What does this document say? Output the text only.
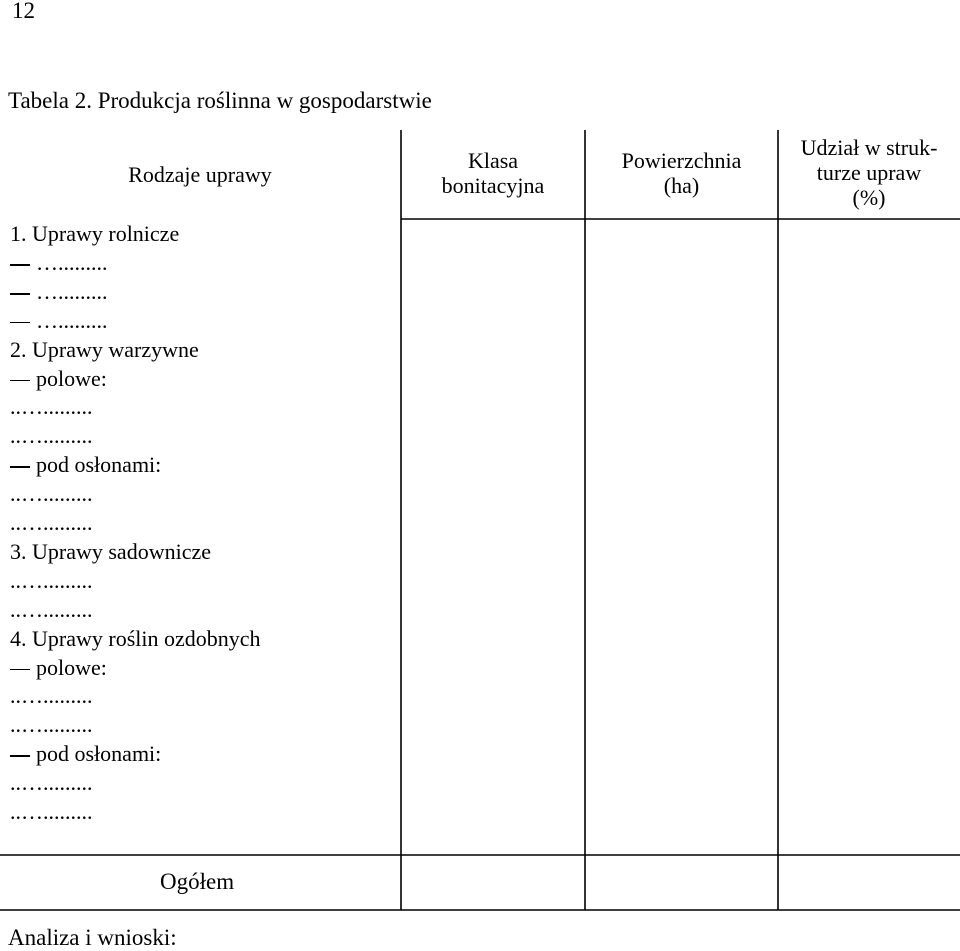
12
Tabela 2. Produkcja roślinna w gospodarstwie
Rodzaje uprawy
Klasa
bonitacyjna
Powierzchnia
(ha)
Udział w struk-
turze upraw
(%)
1. Uprawy rolnicze
….........
….........
….........
2. Uprawy warzywne
polowe:
..….........
..….........
pod osłonami:
..….........
..….........
3. Uprawy sadownicze
..….........
..….........
4. Uprawy roślin ozdobnych
polowe:
..….........
..….........
pod osłonami:
..….........
..….........
Ogółem
Analiza i wnioski:
